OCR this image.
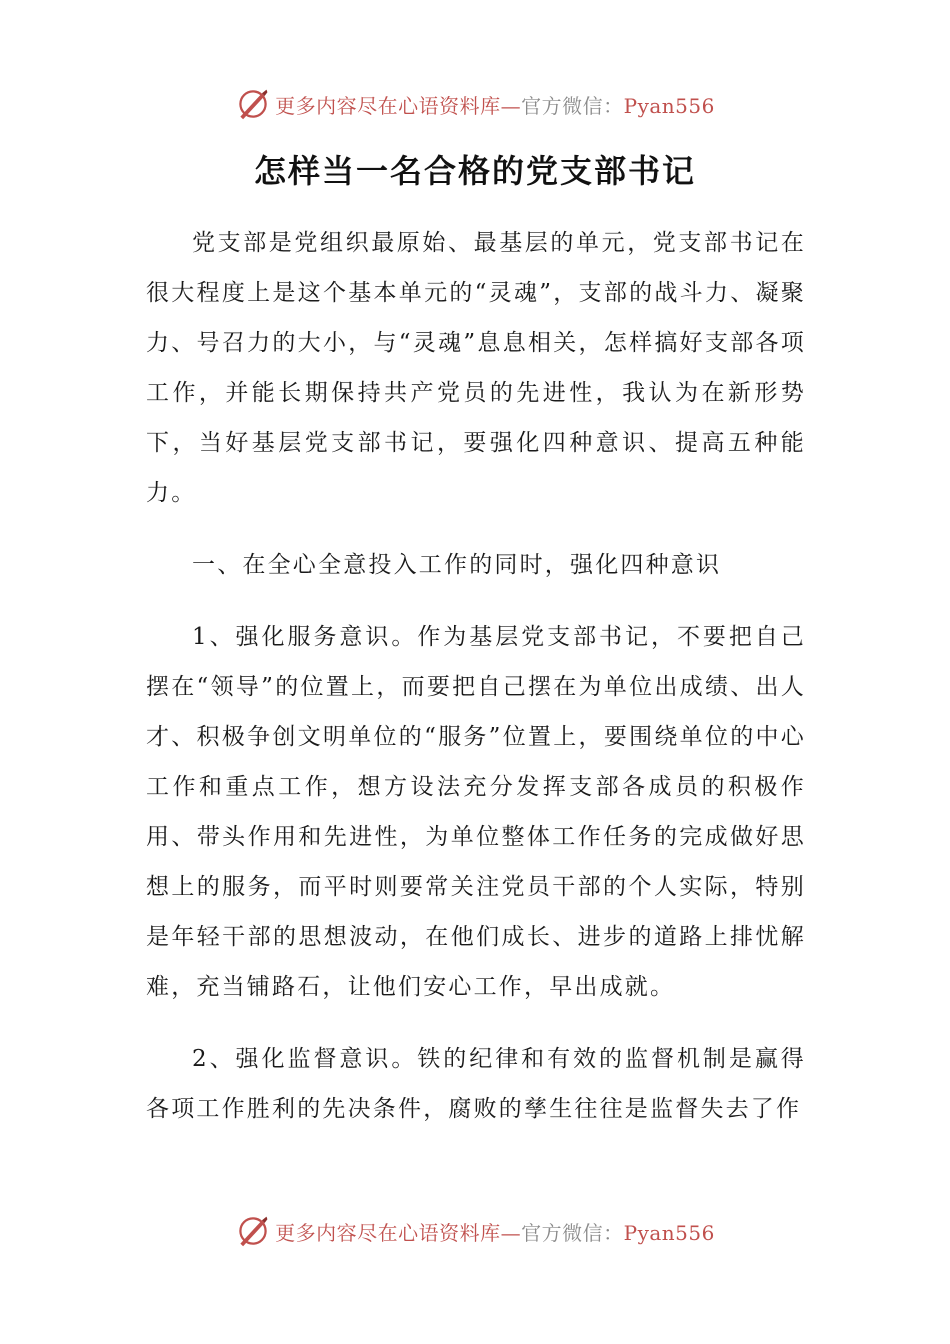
更多内容尽在心语资料库—官方微信：Pyan556
怎样当一名合格的党支部书记

党支部是党组织最原始、最基层的单元，党支部书记在很大程度上是这个基本单元的“灵魂”，支部的战斗力、凝聚力、号召力的大小，与“灵魂”息息相关，怎样搞好支部各项工作，并能长期保持共产党员的先进性，我认为在新形势下，当好基层党支部书记，要强化四种意识、提高五种能力。

一、在全心全意投入工作的同时，强化四种意识

1、强化服务意识。作为基层党支部书记，不要把自己摆在“领导”的位置上，而要把自己摆在为单位出成绩、出人才、积极争创文明单位的“服务”位置上，要围绕单位的中心工作和重点工作，想方设法充分发挥支部各成员的积极作用、带头作用和先进性，为单位整体工作任务的完成做好思想上的服务，而平时则要常关注党员干部的个人实际，特别是年轻干部的思想波动，在他们成长、进步的道路上排忧解难，充当铺路石，让他们安心工作，早出成就。

2、强化监督意识。铁的纪律和有效的监督机制是赢得各项工作胜利的先决条件，腐败的孳生往往是监督失去了作

更多内容尽在心语资料库—官方微信：Pyan556
